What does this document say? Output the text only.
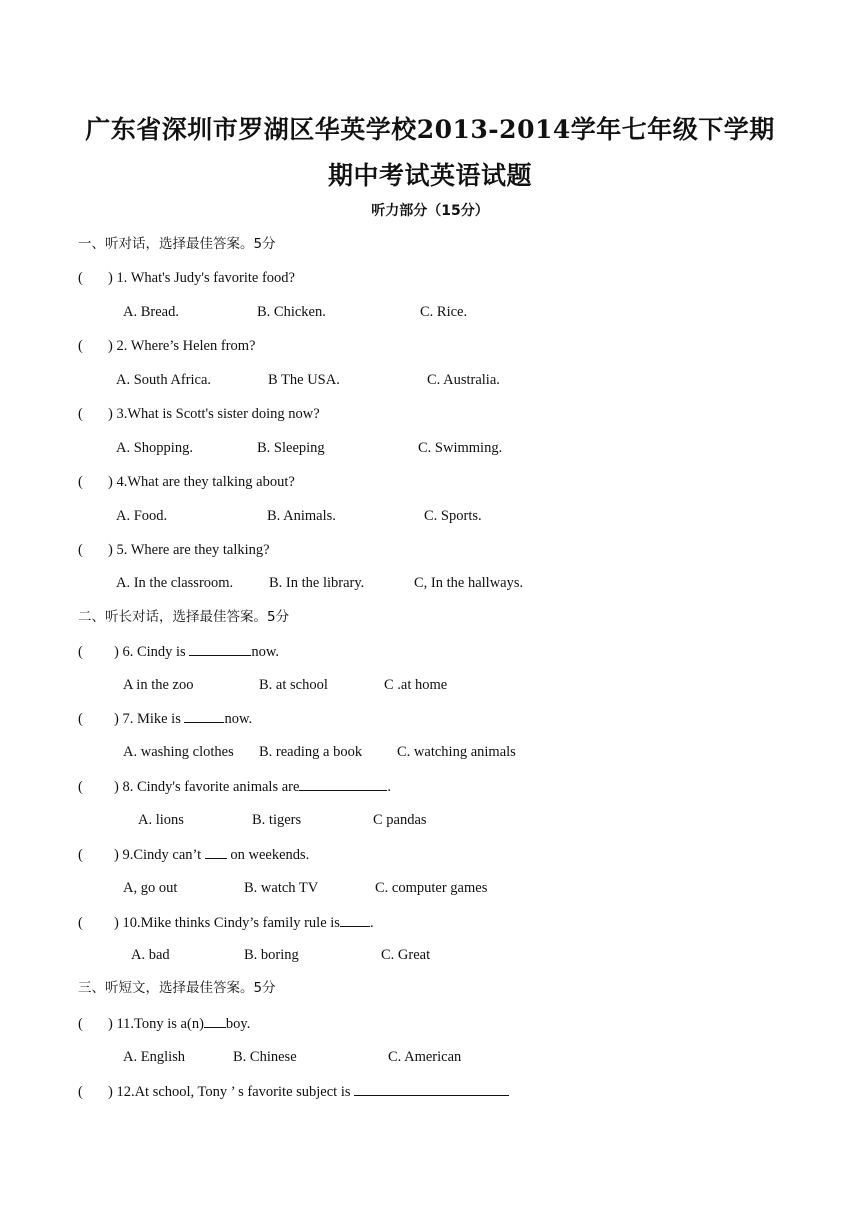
广东省深圳市罗湖区华英学校2013-2014学年七年级下学期
期中考试英语试题
听力部分（15分）
一、听对话，选择最佳答案。5分
( ) 1. What's Judy's favorite food?
A. Bread.	B. Chicken.	C. Rice.
( ) 2. Where’s Helen from?
A. South Africa.	B The USA.	C. Australia.
( ) 3.What is Scott's sister doing now?
A. Shopping.	B. Sleeping	C. Swimming.
( ) 4.What are they talking about?
A. Food.	B. Animals.	C. Sports.
( ) 5. Where are they talking?
A. In the classroom. B. In the library.	C, In the hallways.
二、听长对话，选择最佳答案。5分
( ) 6. Cindy is	now.
A in the zoo	B. at school	C .at home
( ) 7. Mike is	now.
A. washing clothes B. reading a book C. watching animals
( ) 8. Cindy's favorite animals are	.
A. lions	B. tigers	C pandas
( ) 9.Cindy can’t  on weekends.
A, go out	B. watch TV	C. computer games
( ) 10.Mike thinks Cindy’s family rule is .
A. bad	B. boring	C. Great
三、听短文，选择最佳答案。5分
( ) 11.Tony is a(n) boy.
A. English	B. Chinese	C. American
( ) 12.At school, Tony ’ s favorite subject is
